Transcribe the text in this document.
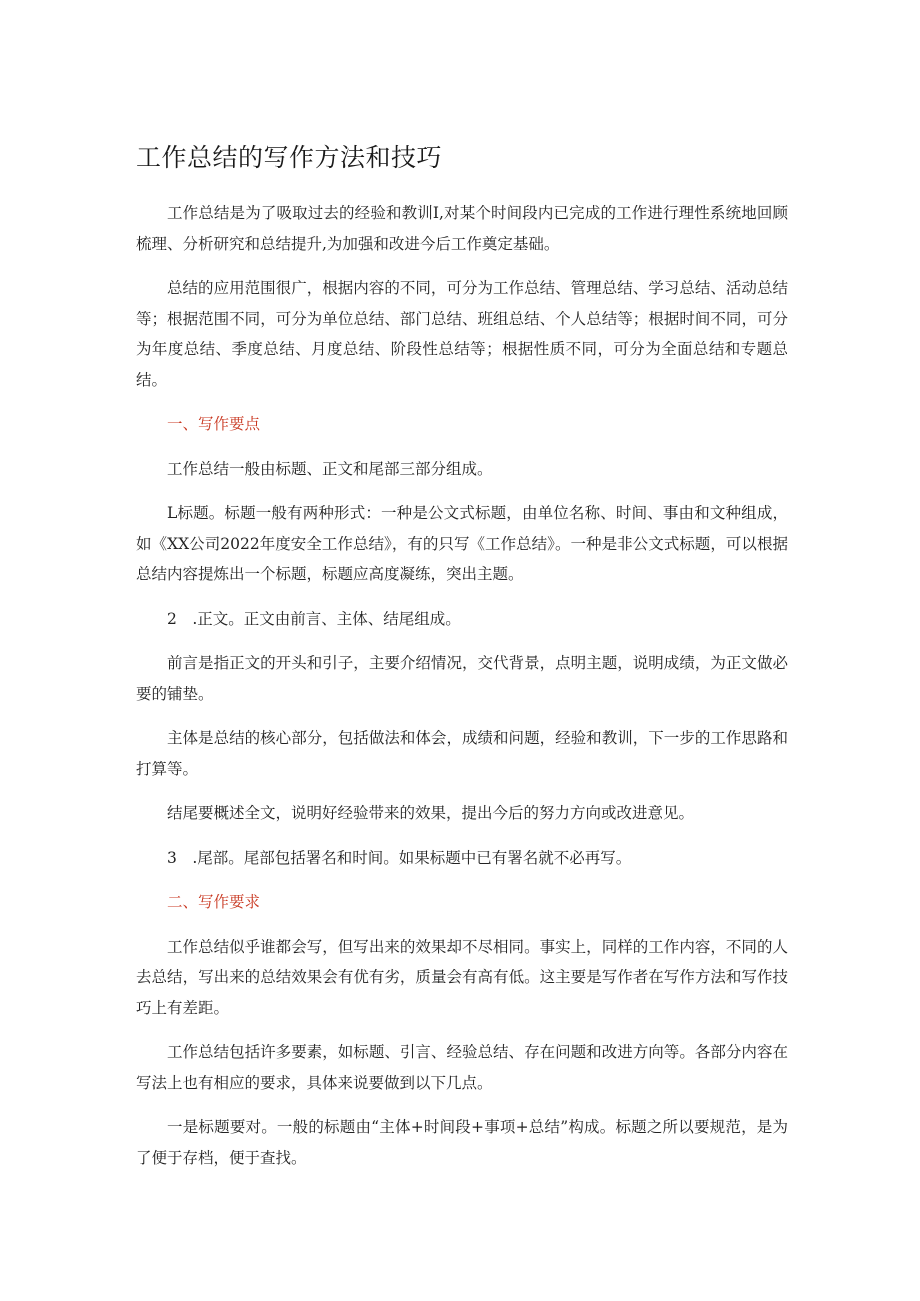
工作总结的写作方法和技巧

工作总结是为了吸取过去的经验和教训I,对某个时间段内已完成的工作进行理性系统地回顾梳理、分析研究和总结提升,为加强和改进今后工作奠定基础。

总结的应用范围很广，根据内容的不同，可分为工作总结、管理总结、学习总结、活动总结等；根据范围不同，可分为单位总结、部门总结、班组总结、个人总结等；根据时间不同，可分为年度总结、季度总结、月度总结、阶段性总结等；根据性质不同，可分为全面总结和专题总结。

一、写作要点

工作总结一般由标题、正文和尾部三部分组成。

L标题。标题一般有两种形式：一种是公文式标题，由单位名称、时间、事由和文种组成，如《XX公司2022年度安全工作总结》，有的只写《工作总结》。一种是非公文式标题，可以根据总结内容提炼出一个标题，标题应高度凝练，突出主题。

2　.正文。正文由前言、主体、结尾组成。

前言是指正文的开头和引子，主要介绍情况，交代背景，点明主题，说明成绩，为正文做必要的铺垫。

主体是总结的核心部分，包括做法和体会，成绩和问题，经验和教训，下一步的工作思路和打算等。

结尾要概述全文，说明好经验带来的效果，提出今后的努力方向或改进意见。

3　.尾部。尾部包括署名和时间。如果标题中已有署名就不必再写。

二、写作要求

工作总结似乎谁都会写，但写出来的效果却不尽相同。事实上，同样的工作内容，不同的人去总结，写出来的总结效果会有优有劣，质量会有高有低。这主要是写作者在写作方法和写作技巧上有差距。

工作总结包括许多要素，如标题、引言、经验总结、存在问题和改进方向等。各部分内容在写法上也有相应的要求，具体来说要做到以下几点。

一是标题要对。一般的标题由“主体+时间段+事项+总结”构成。标题之所以要规范，是为了便于存档，便于查找。
